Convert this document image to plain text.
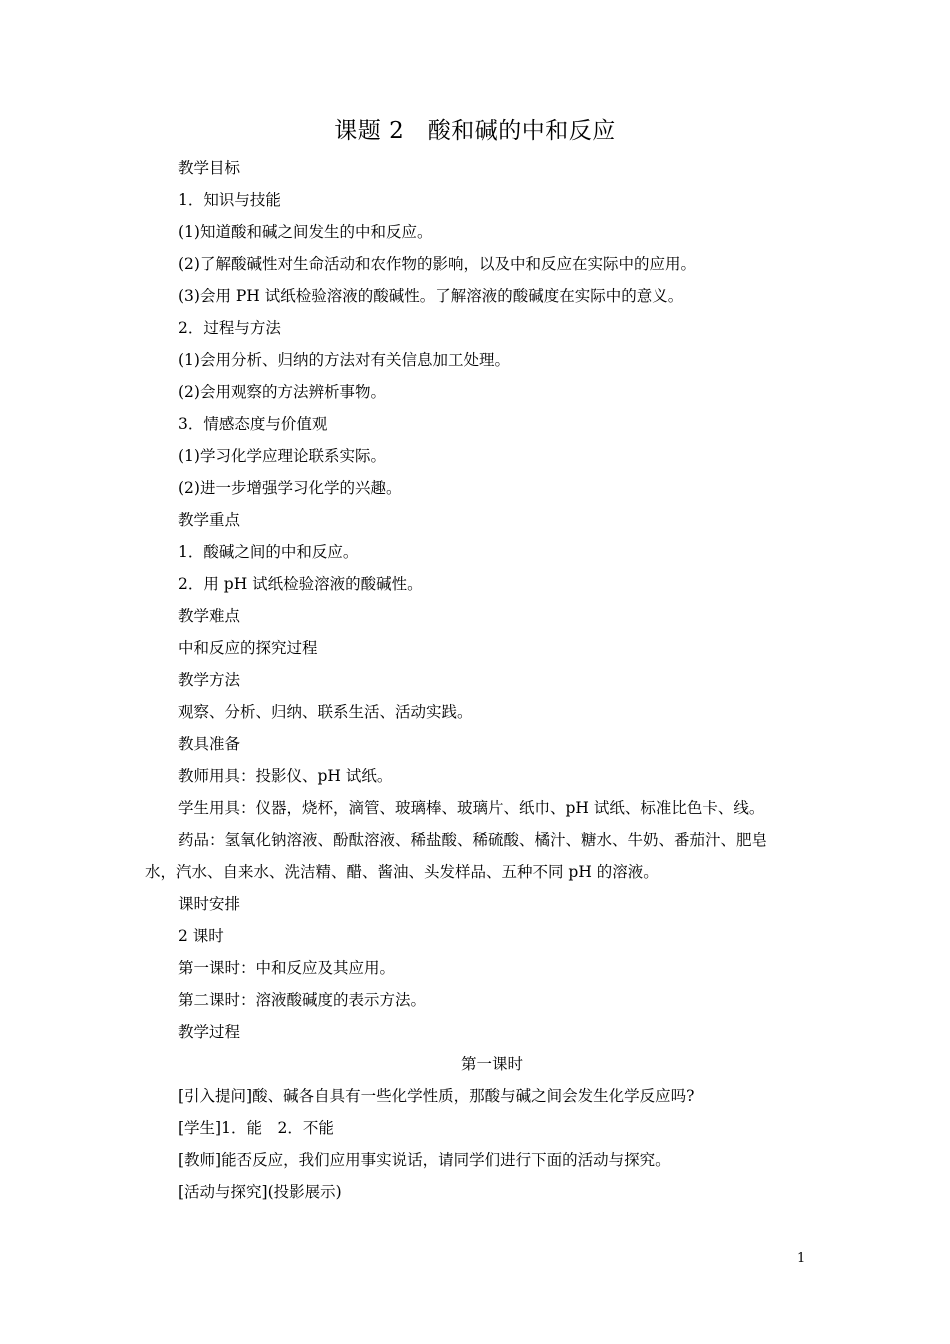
课题 2　酸和碱的中和反应
教学目标
1．知识与技能
(1)知道酸和碱之间发生的中和反应。
(2)了解酸碱性对生命活动和农作物的影响，以及中和反应在实际中的应用。
(3)会用 PH 试纸检验溶液的酸碱性。了解溶液的酸碱度在实际中的意义。
2．过程与方法
(1)会用分析、归纳的方法对有关信息加工处理。
(2)会用观察的方法辨析事物。
3．情感态度与价值观
(1)学习化学应理论联系实际。
(2)进一步增强学习化学的兴趣。
教学重点
1．酸碱之间的中和反应。
2．用 pH 试纸检验溶液的酸碱性。
教学难点
中和反应的探究过程
教学方法
观察、分析、归纳、联系生活、活动实践。
教具准备
教师用具：投影仪、pH 试纸。
学生用具：仪器，烧杯，滴管、玻璃棒、玻璃片、纸巾、pH 试纸、标准比色卡、线。
药品：氢氧化钠溶液、酚酞溶液、稀盐酸、稀硫酸、橘汁、糖水、牛奶、番茄汁、肥皂
水，汽水、自来水、洗洁精、醋、酱油、头发样品、五种不同 pH 的溶液。
课时安排
2 课时
第一课时：中和反应及其应用。
第二课时：溶液酸碱度的表示方法。
教学过程
第一课时
[引入提问]酸、碱各自具有一些化学性质，那酸与碱之间会发生化学反应吗?
[学生]1．能　2．不能
[教师]能否反应，我们应用事实说话，请同学们进行下面的活动与探究。
[活动与探究](投影展示)
1
